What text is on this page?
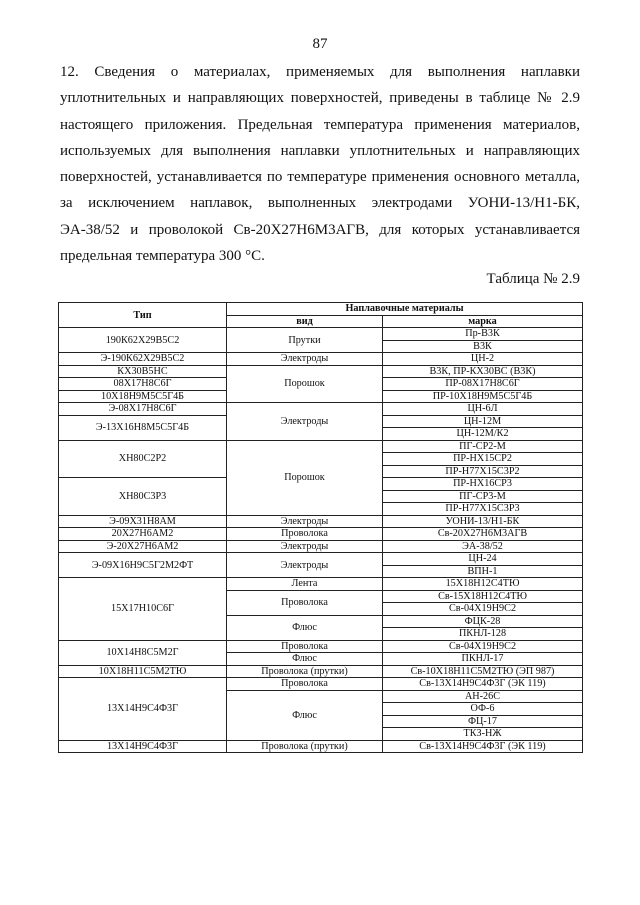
87

12. Сведения о материалах, применяемых для выполнения наплавки уплотнительных и направляющих поверхностей, приведены в таблице № 2.9 настоящего приложения. Предельная температура применения материалов, используемых для выполнения наплавки уплотнительных и направляющих поверхностей, устанавливается по температуре применения основного металла, за исключением наплавок, выполненных электродами УОНИ-13/Н1-БК, ЭА-38/52 и проволокой Св-20Х27Н6М3АГВ, для которых устанавливается предельная температура 300 °С.

Таблица № 2.9
Тип	Наплавочные материалы	
	вид	марка
190К62Х29В5С2	Прутки	Пр-В3К
		В3К
Э-190К62Х29В5С2	Электроды	ЦН-2
КХ30В5НС	Порошок	В3К, ПР-КХ30ВС (В3К)
08Х17Н8С6Г		ПР-08Х17Н8С6Г
10Х18Н9М5С5Г4Б		ПР-10Х18Н9М5С5Г4Б
Э-08Х17Н8С6Г	Электроды	ЦН-6Л
Э-13Х16Н8М5С5Г4Б		ЦН-12М
		ЦН-12М/К2
ХН80С2Р2	Порошок	ПГ-СР2-М
		ПР-НХ15СР2
		ПР-Н77Х15С3Р2
ХН80С3Р3		ПР-НХ16СР3
		ПГ-СР3-М
		ПР-Н77Х15С3Р3
Э-09Х31Н8АМ	Электроды	УОНИ-13/Н1-БК
20Х27Н6АМ2	Проволока	Св-20Х27Н6М3АГВ
Э-20Х27Н6АМ2	Электроды	ЭА-38/52
Э-09Х16Н9С5Г2М2ФТ	Электроды	ЦН-24
		ВПН-1
15Х17Н10С6Г	Лента	15Х18Н12С4ТЮ
	Проволока	Св-15Х18Н12С4ТЮ
		Св-04Х19Н9С2
	Флюс	ФЦК-28
		ПКНЛ-128
10Х14Н8С5М2Г	Проволока	Св-04Х19Н9С2
	Флюс	ПКНЛ-17
10Х18Н11С5М2ТЮ	Проволока (прутки)	Св-10Х18Н11С5М2ТЮ (ЭП 987)
13Х14Н9С4Ф3Г	Проволока	Св-13Х14Н9С4Ф3Г (ЭК 119)
	Флюс	АН-26С
		ОФ-6
		ФЦ-17
		ТКЗ-НЖ
13Х14Н9С4Ф3Г	Проволока (прутки)	Св-13Х14Н9С4Ф3Г (ЭК 119)
